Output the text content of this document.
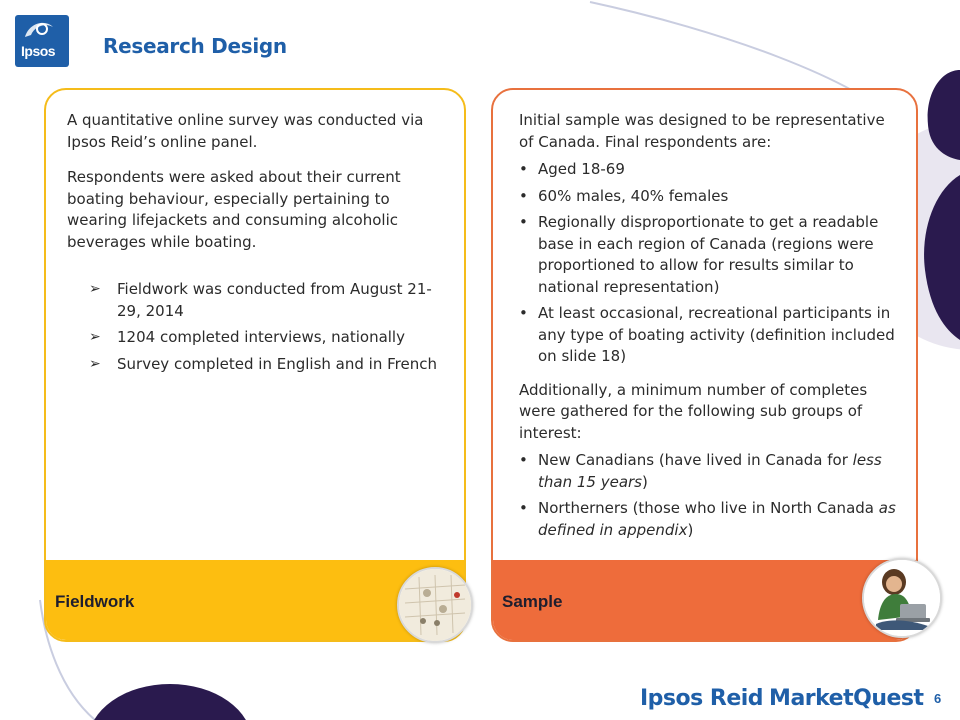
Ipsos Research Design

A quantitative online survey was conducted via Ipsos Reid’s online panel.

Respondents were asked about their current boating behaviour, especially pertaining to wearing lifejackets and consuming alcoholic beverages while boating.

➢ Fieldwork was conducted from August 21-29, 2014
➢ 1204 completed interviews, nationally
➢ Survey completed in English and in French
Fieldwork

Initial sample was designed to be representative of Canada. Final respondents are:

• Aged 18-69
• 60% males, 40% females
• Regionally disproportionate to get a readable base in each region of Canada (regions were proportioned to allow for results similar to national representation)
• At least occasional, recreational participants in any type of boating activity (definition included on slide 18)

Additionally, a minimum number of completes were gathered for the following sub groups of interest:

• New Canadians (have lived in Canada for less than 15 years)
• Northerners (those who live in North Canada as defined in appendix)
Sample
Ipsos Reid MarketQuest 6
